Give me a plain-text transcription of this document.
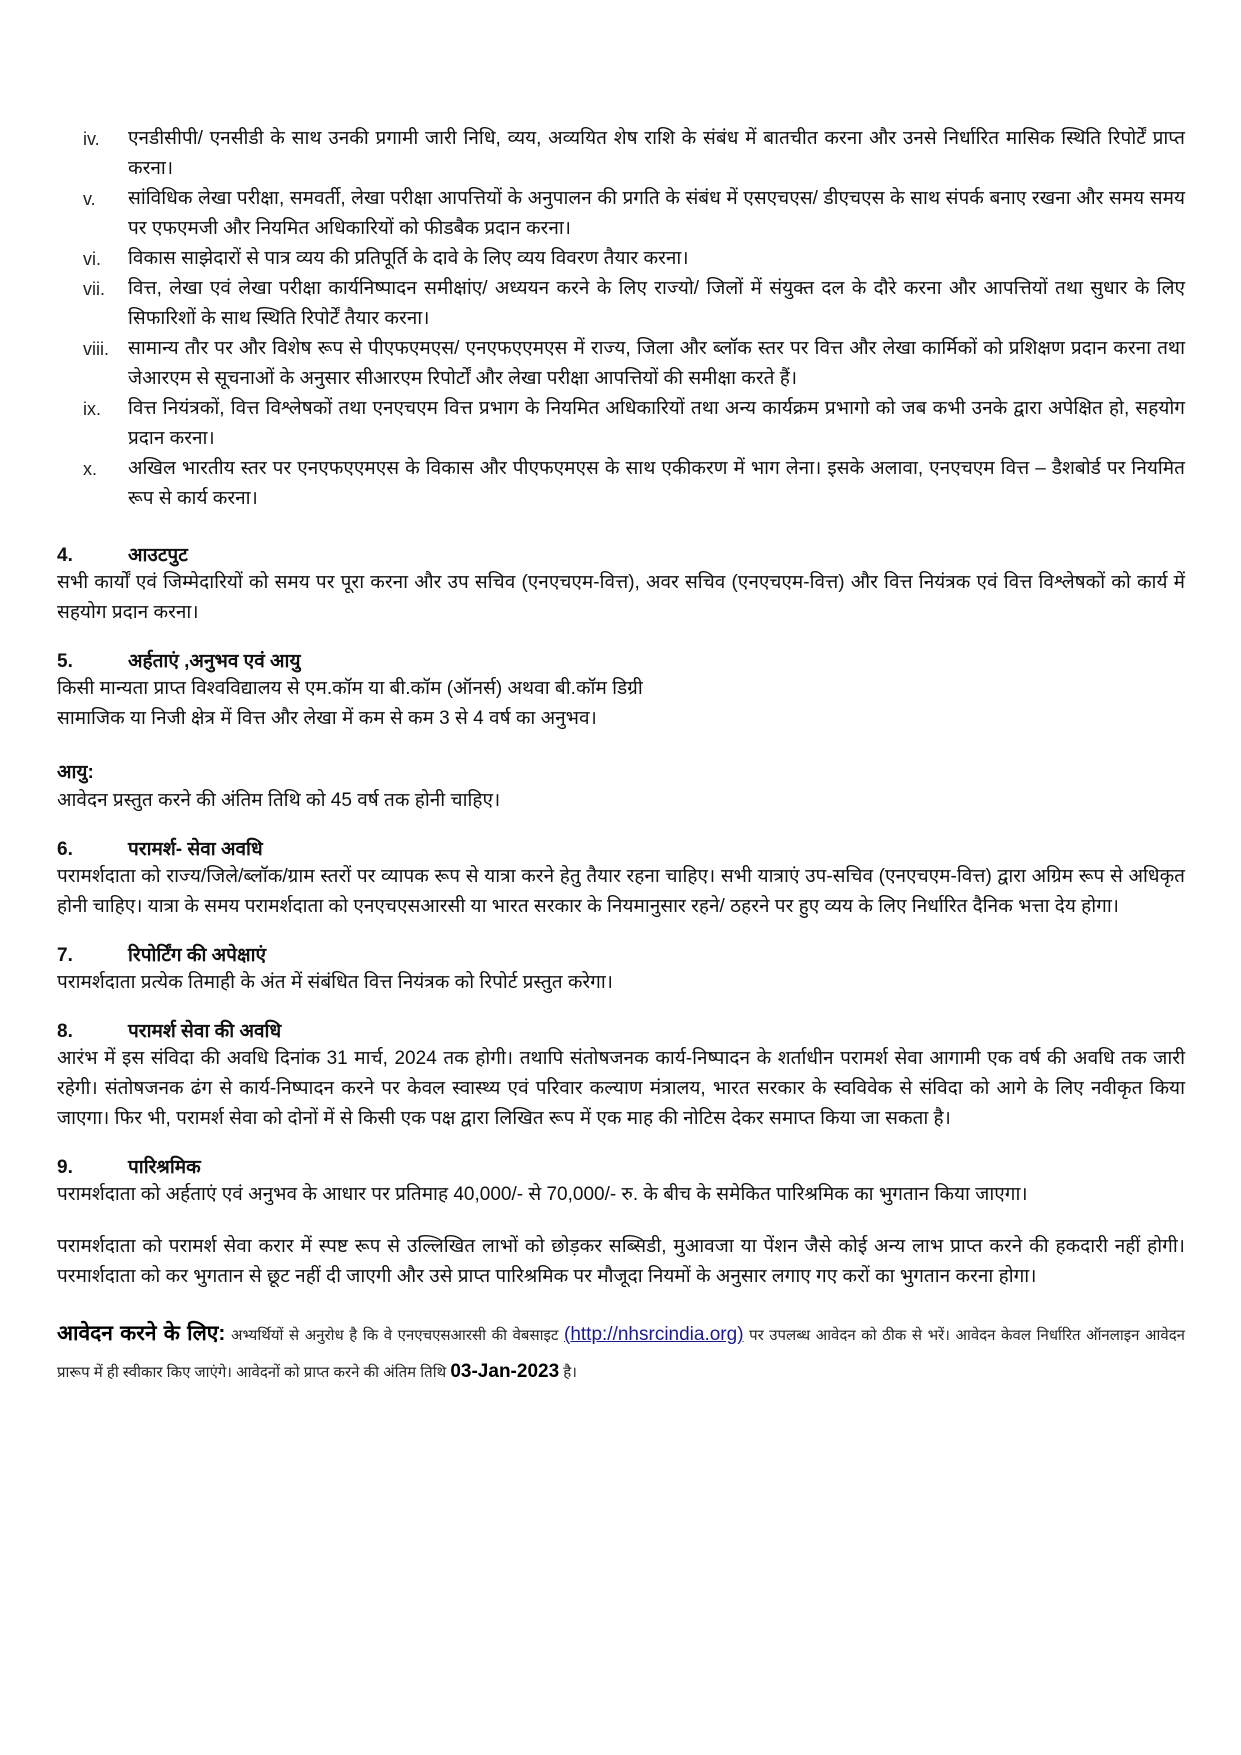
iv. एनडीसीपी/ एनसीडी के साथ उनकी प्रगामी जारी निधि, व्यय, अव्ययित शेष राशि के संबंध में बातचीत करना और उनसे निर्धारित मासिक स्थिति रिपोर्टें प्राप्त करना।

v. सांविधिक लेखा परीक्षा, समवर्ती, लेखा परीक्षा आपत्तियों के अनुपालन की प्रगति के संबंध में एसएचएस/ डीएचएस के साथ संपर्क बनाए रखना और समय समय पर एफएमजी और नियमित अधिकारियों को फीडबैक प्रदान करना।

vi. विकास साझेदारों से पात्र व्यय की प्रतिपूर्ति के दावे के लिए व्यय विवरण तैयार करना।

vii. वित्त, लेखा एवं लेखा परीक्षा कार्यनिष्पादन समीक्षांए/ अध्ययन करने के लिए राज्यो/ जिलों में संयुक्त दल के दौरे करना और आपत्तियों तथा सुधार के लिए सिफारिशों के साथ स्थिति रिपोर्टें तैयार करना।

viii. सामान्य तौर पर और विशेष रूप से पीएफएमएस/ एनएफएएमएस में राज्य, जिला और ब्लॉक स्तर पर वित्त और लेखा कार्मिकों को प्रशिक्षण प्रदान करना तथा जेआरएम से सूचनाओं के अनुसार सीआरएम रिपोर्टों और लेखा परीक्षा आपत्तियों की समीक्षा करते हैं।

ix. वित्त नियंत्रकों, वित्त विश्लेषकों तथा एनएचएम वित्त प्रभाग के नियमित अधिकारियों तथा अन्य कार्यक्रम प्रभागो को जब कभी उनके द्वारा अपेक्षित हो, सहयोग प्रदान करना।

x. अखिल भारतीय स्तर पर एनएफएएमएस के विकास और पीएफएमएस के साथ एकीकरण में भाग लेना। इसके अलावा, एनएचएम वित्त – डैशबोर्ड पर नियमित रूप से कार्य करना।

4.	आउटपुट

सभी कार्यों एवं जिम्मेदारियों को समय पर पूरा करना और उप सचिव (एनएचएम-वित्त), अवर सचिव (एनएचएम-वित्त) और वित्त नियंत्रक एवं वित्त विश्लेषकों को कार्य में सहयोग प्रदान करना।

5.	अर्हताएं ,अनुभव एवं आयु

किसी मान्यता प्राप्त विश्वविद्यालय से एम.कॉम या बी.कॉम (ऑनर्स) अथवा बी.कॉम डिग्री

सामाजिक या निजी क्षेत्र में वित्त और लेखा में कम से कम 3 से 4 वर्ष का अनुभव।

आयु:

आवेदन प्रस्तुत करने की अंतिम तिथि को 45 वर्ष तक होनी चाहिए।

6.	परामर्श- सेवा अवधि

परामर्शदाता को राज्य/जिले/ब्लॉक/ग्राम स्तरों पर व्यापक रूप से यात्रा करने हेतु तैयार रहना चाहिए। सभी यात्राएं उप-सचिव (एनएचएम-वित्त) द्वारा अग्रिम रूप से अधिकृत होनी चाहिए। यात्रा के समय परामर्शदाता को एनएचएसआरसी या भारत सरकार के नियमानुसार रहने/ ठहरने पर हुए व्यय के लिए निर्धारित दैनिक भत्ता देय होगा।

7.	रिपोर्टिंग की अपेक्षाएं

परामर्शदाता प्रत्येक तिमाही के अंत में संबंधित वित्त नियंत्रक को रिपोर्ट प्रस्तुत करेगा।

8.	परामर्श सेवा की अवधि

आरंभ में इस संविदा की अवधि दिनांक 31 मार्च, 2024 तक होगी। तथापि संतोषजनक कार्य-निष्पादन के शर्ताधीन परामर्श सेवा आगामी एक वर्ष की अवधि तक जारी रहेगी। संतोषजनक ढंग से कार्य-निष्पादन करने पर केवल स्वास्थ्य एवं परिवार कल्याण मंत्रालय, भारत सरकार के स्वविवेक से संविदा को आगे के लिए नवीकृत किया जाएगा। फिर भी, परामर्श सेवा को दोनों में से किसी एक पक्ष द्वारा लिखित रूप में एक माह की नोटिस देकर समाप्त किया जा सकता है।

9.	पारिश्रमिक

परामर्शदाता को अर्हताएं एवं अनुभव के आधार पर प्रतिमाह 40,000/- से 70,000/- रु. के बीच के समेकित पारिश्रमिक का भुगतान किया जाएगा।

परामर्शदाता को परामर्श सेवा करार में स्पष्ट रूप से उल्लिखित लाभों को छोड़कर सब्सिडी, मुआवजा या पेंशन जैसे कोई अन्य लाभ प्राप्त करने की हकदारी नहीं होगी। परमार्शदाता को कर भुगतान से छूट नहीं दी जाएगी और उसे प्राप्त पारिश्रमिक पर मौजूदा नियमों के अनुसार लगाए गए करों का भुगतान करना होगा।

आवेदन करने के लिए: अभ्यर्थियों से अनुरोध है कि वे एनएचएसआरसी की वेबसाइट (http://nhsrcindia.org) पर उपलब्ध आवेदन को ठीक से भरें। आवेदन केवल निर्धारित ऑनलाइन आवेदन प्रारूप में ही स्वीकार किए जाएंगे। आवेदनों को प्राप्त करने की अंतिम तिथि 03-Jan-2023 है।
